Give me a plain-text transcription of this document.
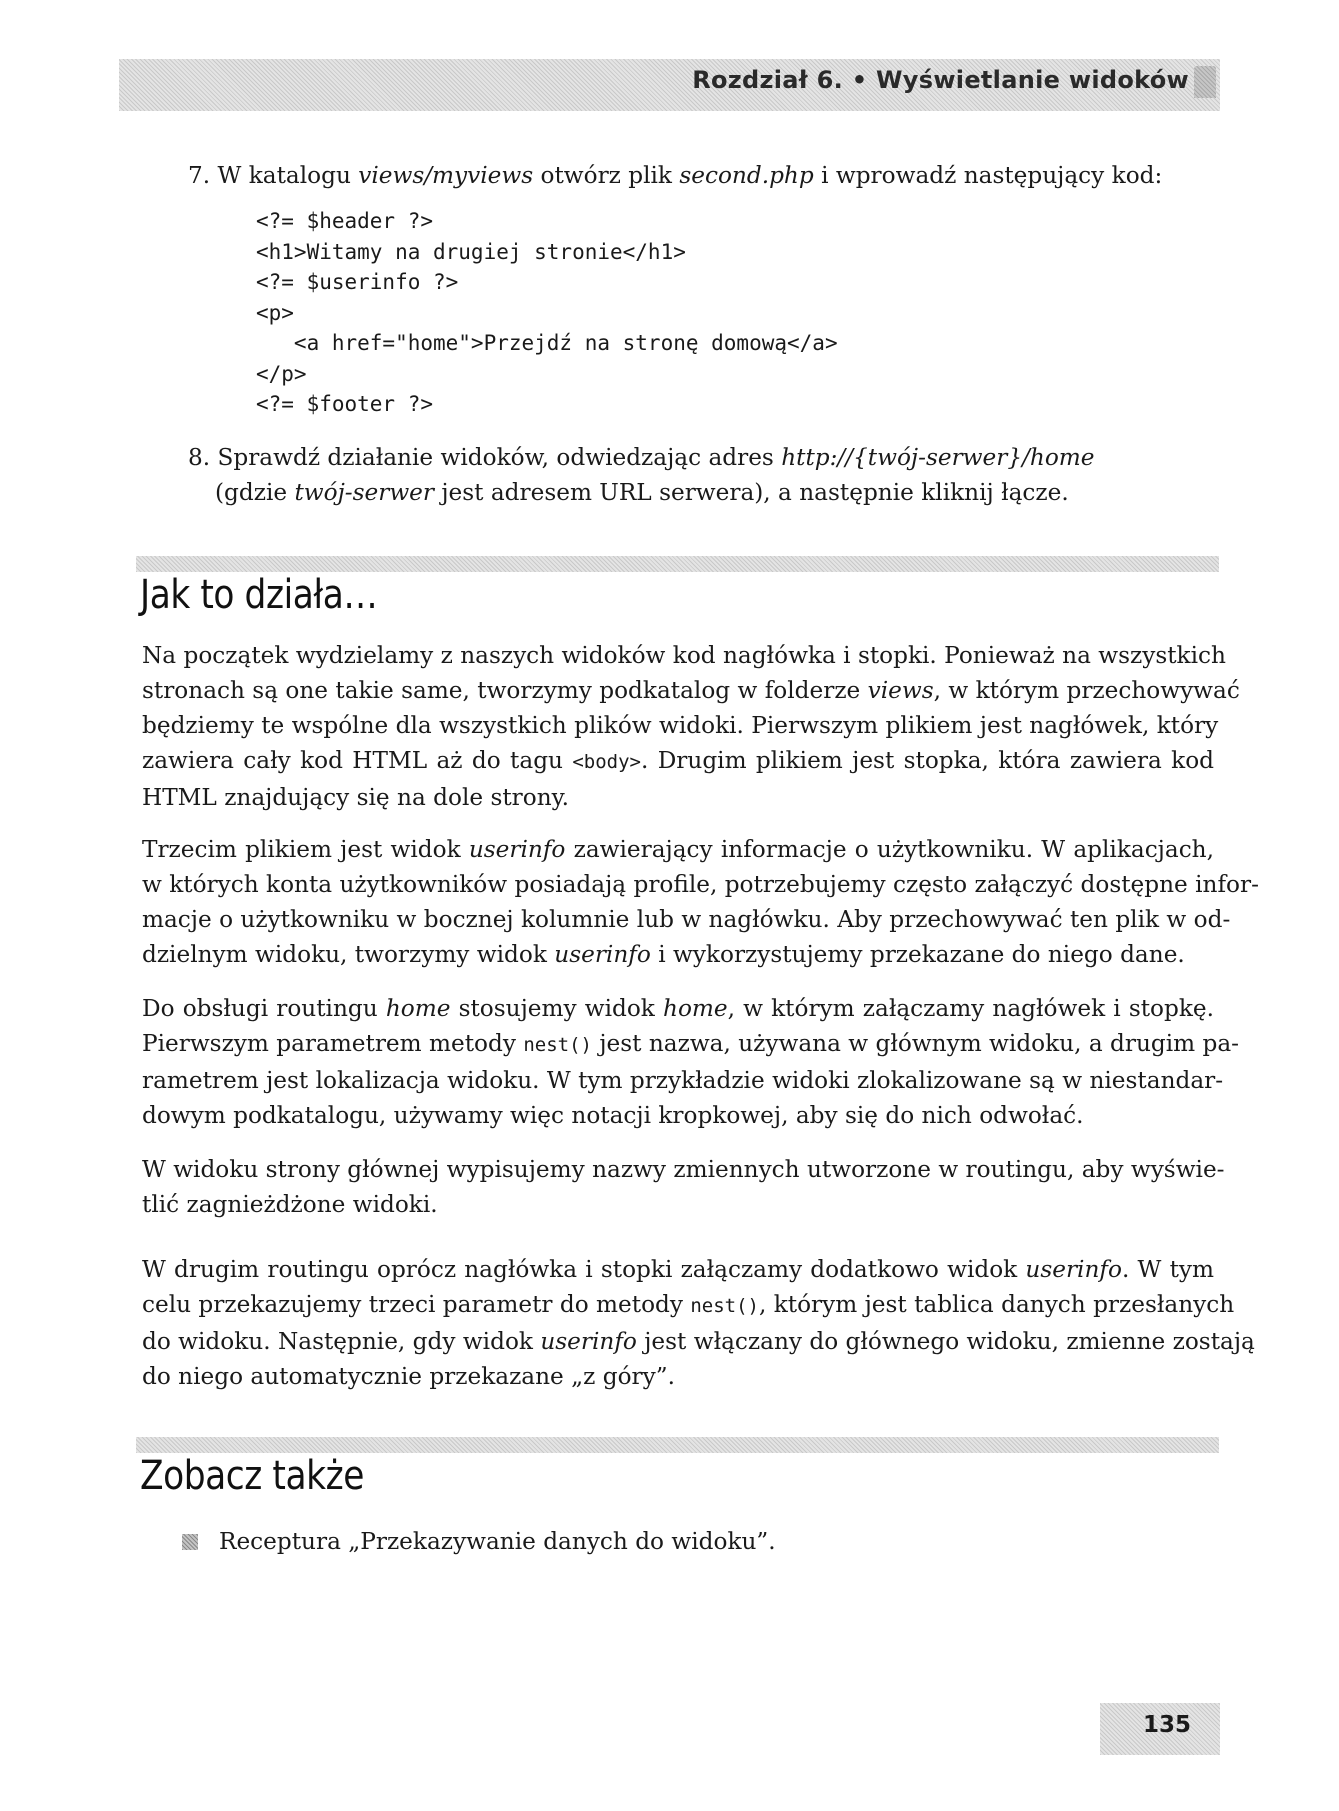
Rozdział 6. • Wyświetlanie widoków
7. W katalogu views/myviews otwórz plik second.php i wprowadź następujący kod:
<?= $header ?>
<h1>Witamy na drugiej stronie</h1>
<?= $userinfo ?>
<p>
<a href="home">Przejdź na stronę domową</a>
</p>
<?= $footer ?>
8. Sprawdź działanie widoków, odwiedzając adres http://{twój-serwer}/home
(gdzie twój-serwer jest adresem URL serwera), a następnie kliknij łącze.
Jak to działa…
Na początek wydzielamy z naszych widoków kod nagłówka i stopki. Ponieważ na wszystkich
stronach są one takie same, tworzymy podkatalog w folderze views, w którym przechowywać
będziemy te wspólne dla wszystkich plików widoki. Pierwszym plikiem jest nagłówek, który
zawiera cały kod HTML aż do tagu <body>. Drugim plikiem jest stopka, która zawiera kod
HTML znajdujący się na dole strony.
Trzecim plikiem jest widok userinfo zawierający informacje o użytkowniku. W aplikacjach,
w których konta użytkowników posiadają profile, potrzebujemy często załączyć dostępne infor-
macje o użytkowniku w bocznej kolumnie lub w nagłówku. Aby przechowywać ten plik w od-
dzielnym widoku, tworzymy widok userinfo i wykorzystujemy przekazane do niego dane.
Do obsługi routingu home stosujemy widok home, w którym załączamy nagłówek i stopkę.
Pierwszym parametrem metody nest() jest nazwa, używana w głównym widoku, a drugim pa-
rametrem jest lokalizacja widoku. W tym przykładzie widoki zlokalizowane są w niestandar-
dowym podkatalogu, używamy więc notacji kropkowej, aby się do nich odwołać.
W widoku strony głównej wypisujemy nazwy zmiennych utworzone w routingu, aby wyświe-
tlić zagnieżdżone widoki.
W drugim routingu oprócz nagłówka i stopki załączamy dodatkowo widok userinfo. W tym
celu przekazujemy trzeci parametr do metody nest(), którym jest tablica danych przesłanych
do widoku. Następnie, gdy widok userinfo jest włączany do głównego widoku, zmienne zostają
do niego automatycznie przekazane „z góry”.
Zobacz także
Receptura „Przekazywanie danych do widoku”.
135
